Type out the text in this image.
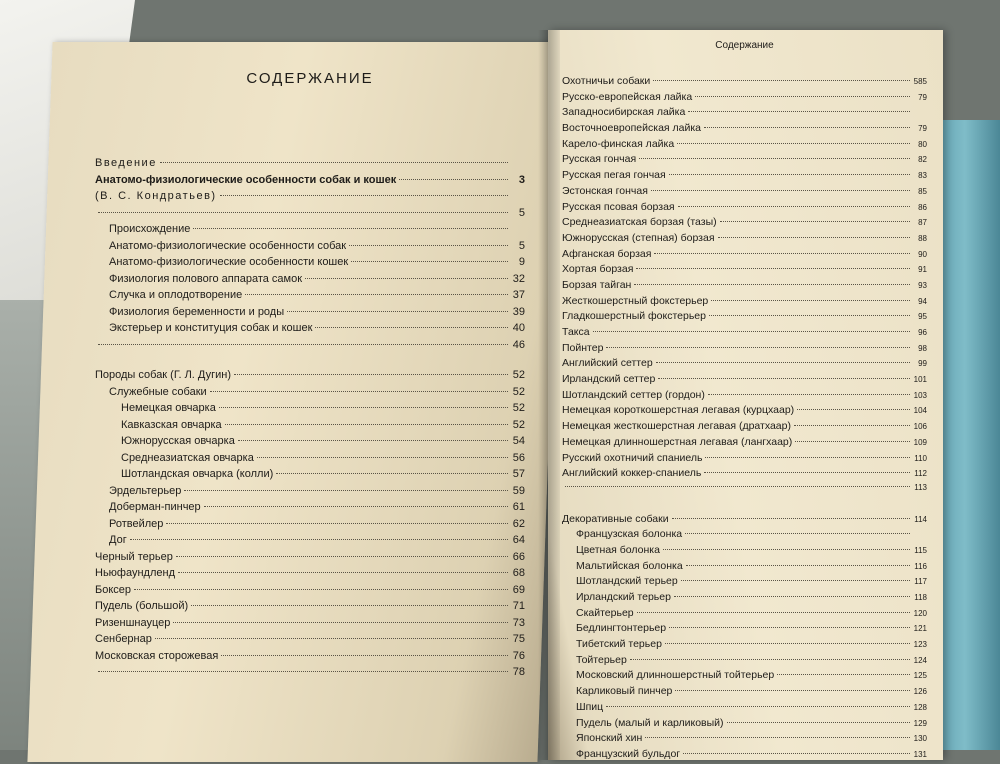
СОДЕРЖАНИЕ
Введение
Анатомо-физиологические особенности собак и кошек	3
(В. С. Кондратьев)
5
Происхождение
Анатомо-физиологические особенности собак	5
Анатомо-физиологические особенности кошек	9
Физиология полового аппарата самок	32
Случка и оплодотворение	37
Физиология беременности и роды	39
Экстерьер и конституция собак и кошек	40
46
Породы собак (Г. Л. Дугин)	52
Служебные собаки	52
Немецкая овчарка	52
Кавказская овчарка	52
Южнорусская овчарка	54
Среднеазиатская овчарка	56
Шотландская овчарка (колли)	57
Эрдельтерьер	59
Доберман-пинчер	61
Ротвейлер	62
Дог	64
Черный терьер	66
Ньюфаундленд	68
Боксер	69
Пудель (большой)	71
Ризеншнауцер	73
Сенбернар	75
Московская сторожевая	76
78
Содержание
Охотничьи собаки	585
Русско-европейская лайка	79
Западносибирская лайка
Восточноевропейская лайка	79
Карело-финская лайка	80
Русская гончая	82
Русская пегая гончая	83
Эстонская гончая	85
Русская псовая борзая	86
Среднеазиатская борзая (тазы)	87
Южнорусская (степная) борзая	88
Афганская борзая	90
Хортая борзая	91
Борзая тайган	93
Жесткошерстный фокстерьер	94
Гладкошерстный фокстерьер	95
Такса	96
Пойнтер	98
Английский сеттер	99
Ирландский сеттер	101
Шотландский сеттер (гордон)	103
Немецкая короткошерстная легавая (курцхаар)	104
Немецкая жесткошерстная легавая (дратхаар)	106
Немецкая длинношерстная легавая (лангхаар)	109
Русский охотничий спаниель	110
Английский коккер-спаниель	112
113
Декоративные собаки	114
Французская болонка
Цветная болонка	115
Мальтийская болонка	116
Шотландский терьер	117
Ирландский терьер	118
Скайтерьер	120
Бедлингтонтерьер	121
Тибетский терьер	123
Тойтерьер	124
Московский длинношерстный тойтерьер	125
Карликовый пинчер	126
Шпиц	128
Пудель (малый и карликовый)	129
Японский хин	130
Французский бульдог	131
